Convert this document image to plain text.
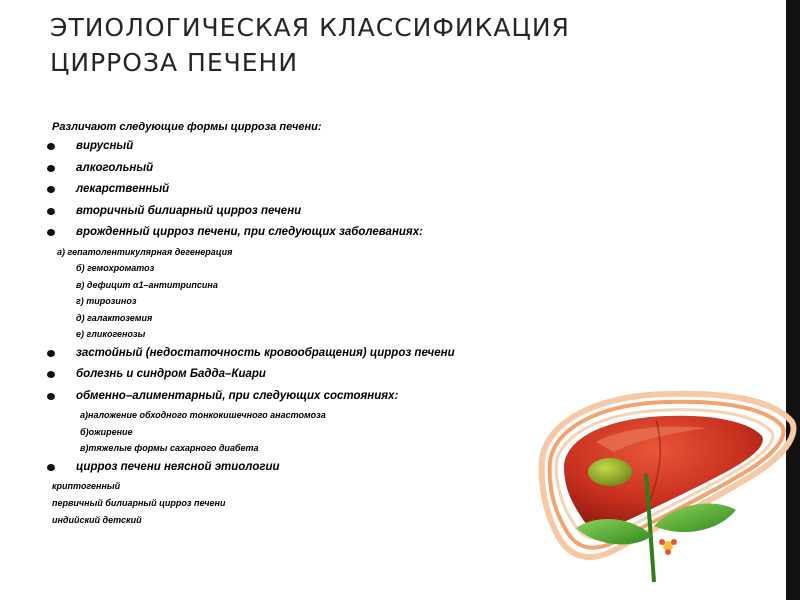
ЭТИОЛОГИЧЕСКАЯ КЛАССИФИКАЦИЯ
ЦИРРОЗА ПЕЧЕНИ
Различают следующие формы цирроза печени:
вирусный
алкогольный
лекарственный
вторичный билиарный цирроз печени
врожденный цирроз печени, при следующих заболеваниях:
а) гепатолентикулярная дегенерация
б) гемохроматоз
в) дефицит α1–антитрипсина
г) тирозиноз
д) галактоземия
е) гликогенозы
застойный (недостаточность кровообращения) цирроз печени
болезнь и синдром Бадда–Киари
обменно–алиментарный, при следующих состояниях:
а)наложение обходного тонкокишечного анастомоза
б)ожирение
в)тяжелые формы сахарного диабета
цирроз печени неясной этиологии
криптогенный
первичный билиарный цирроз печени
индийский детский
